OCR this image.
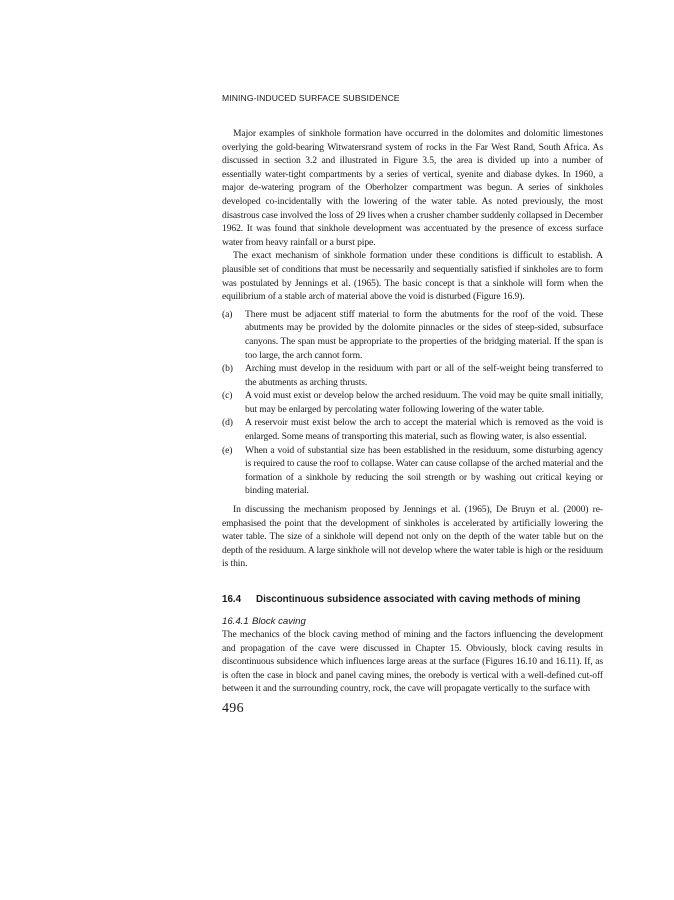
MINING-INDUCED SURFACE SUBSIDENCE

Major examples of sinkhole formation have occurred in the dolomites and dolomitic limestones overlying the gold-bearing Witwatersrand system of rocks in the Far West Rand, South Africa. As discussed in section 3.2 and illustrated in Figure 3.5, the area is divided up into a number of essentially water-tight compartments by a series of vertical, syenite and diabase dykes. In 1960, a major de-watering program of the Oberholzer compartment was begun. A series of sinkholes developed co-incidentally with the lowering of the water table. As noted previously, the most disastrous case involved the loss of 29 lives when a crusher chamber suddenly collapsed in December 1962. It was found that sinkhole development was accentuated by the presence of excess surface water from heavy rainfall or a burst pipe.

The exact mechanism of sinkhole formation under these conditions is difficult to establish. A plausible set of conditions that must be necessarily and sequentially satisfied if sinkholes are to form was postulated by Jennings et al. (1965). The basic concept is that a sinkhole will form when the equilibrium of a stable arch of material above the void is disturbed (Figure 16.9).

(a)	There must be adjacent stiff material to form the abutments for the roof of the void. These abutments may be provided by the dolomite pinnacles or the sides of steep-sided, subsurface canyons. The span must be appropriate to the properties of the bridging material. If the span is too large, the arch cannot form.
(b)	Arching must develop in the residuum with part or all of the self-weight being transferred to the abutments as arching thrusts.
(c)	A void must exist or develop below the arched residuum. The void may be quite small initially, but may be enlarged by percolating water following lowering of the water table.
(d)	A reservoir must exist below the arch to accept the material which is removed as the void is enlarged. Some means of transporting this material, such as flowing water, is also essential.
(e)	When a void of substantial size has been established in the residuum, some disturbing agency is required to cause the roof to collapse. Water can cause collapse of the arched material and the formation of a sinkhole by reducing the soil strength or by washing out critical keying or binding material.

In discussing the mechanism proposed by Jennings et al. (1965), De Bruyn et al. (2000) re-emphasised the point that the development of sinkholes is accelerated by artificially lowering the water table. The size of a sinkhole will depend not only on the depth of the water table but on the depth of the residuum. A large sinkhole will not develop where the water table is high or the residuum is thin.

16.4 Discontinuous subsidence associated with caving methods of mining
16.4.1 Block caving

The mechanics of the block caving method of mining and the factors influencing the development and propagation of the cave were discussed in Chapter 15. Obviously, block caving results in discontinuous subsidence which influences large areas at the surface (Figures 16.10 and 16.11). If, as is often the case in block and panel caving mines, the orebody is vertical with a well-defined cut-off between it and the surrounding country, rock, the cave will propagate vertically to the surface with

496
